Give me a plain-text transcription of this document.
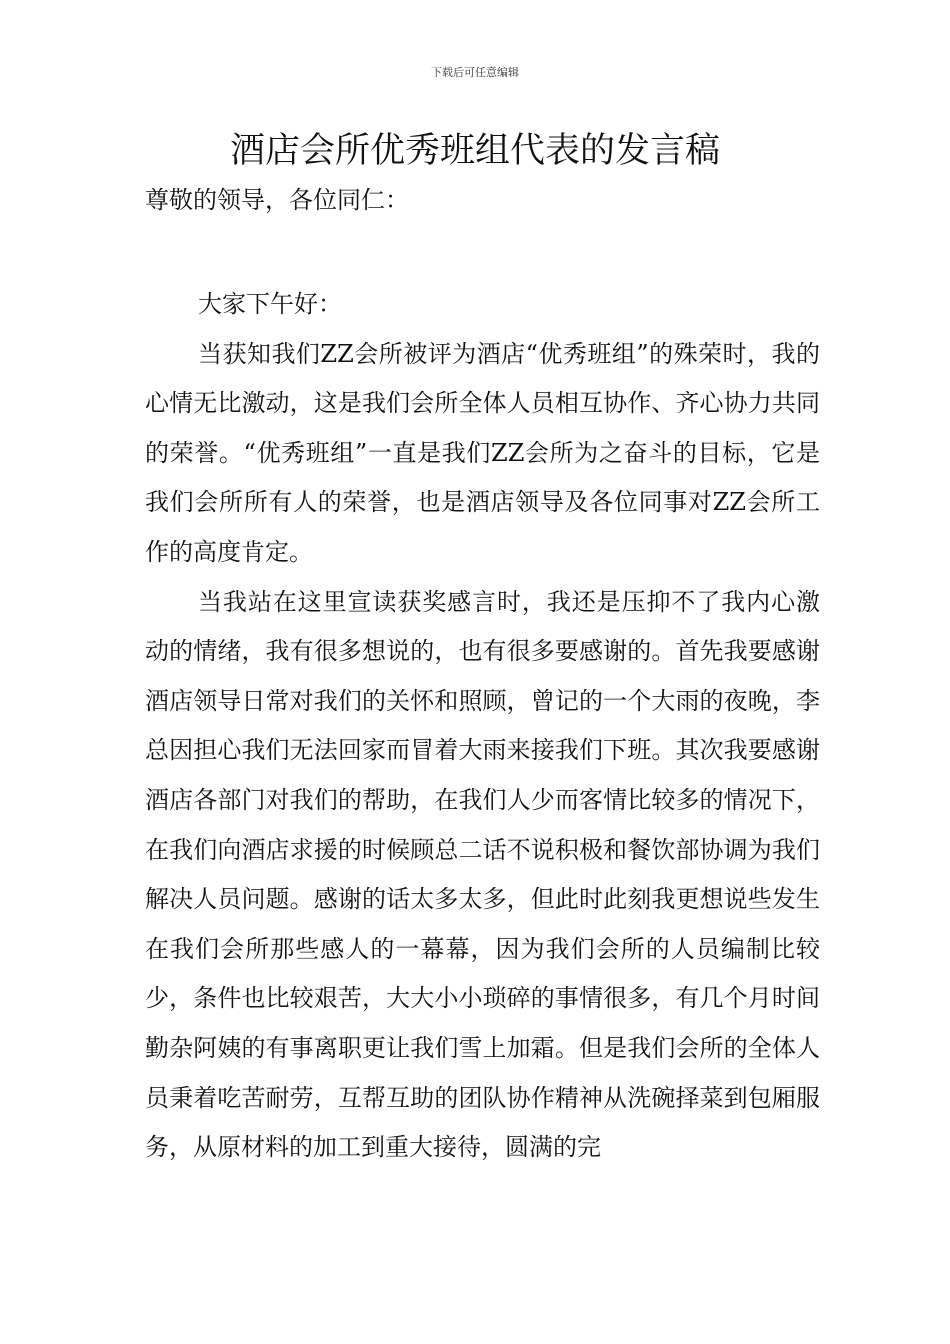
下载后可任意编辑
酒店会所优秀班组代表的发言稿

尊敬的领导，各位同仁：

大家下午好：

当获知我们ZZ会所被评为酒店“优秀班组”的殊荣时，我的心情无比激动，这是我们会所全体人员相互协作、齐心协力共同的荣誉。“优秀班组”一直是我们ZZ会所为之奋斗的目标，它是我们会所所有人的荣誉，也是酒店领导及各位同事对ZZ会所工作的高度肯定。

当我站在这里宣读获奖感言时，我还是压抑不了我内心激动的情绪，我有很多想说的，也有很多要感谢的。首先我要感谢酒店领导日常对我们的关怀和照顾，曾记的一个大雨的夜晚，李总因担心我们无法回家而冒着大雨来接我们下班。其次我要感谢酒店各部门对我们的帮助，在我们人少而客情比较多的情况下，在我们向酒店求援的时候顾总二话不说积极和餐饮部协调为我们解决人员问题。感谢的话太多太多，但此时此刻我更想说些发生在我们会所那些感人的一幕幕，因为我们会所的人员编制比较少，条件也比较艰苦，大大小小琐碎的事情很多，有几个月时间勤杂阿姨的有事离职更让我们雪上加霜。但是我们会所的全体人员秉着吃苦耐劳，互帮互助的团队协作精神从洗碗择菜到包厢服务，从原材料的加工到重大接待，圆满的完
